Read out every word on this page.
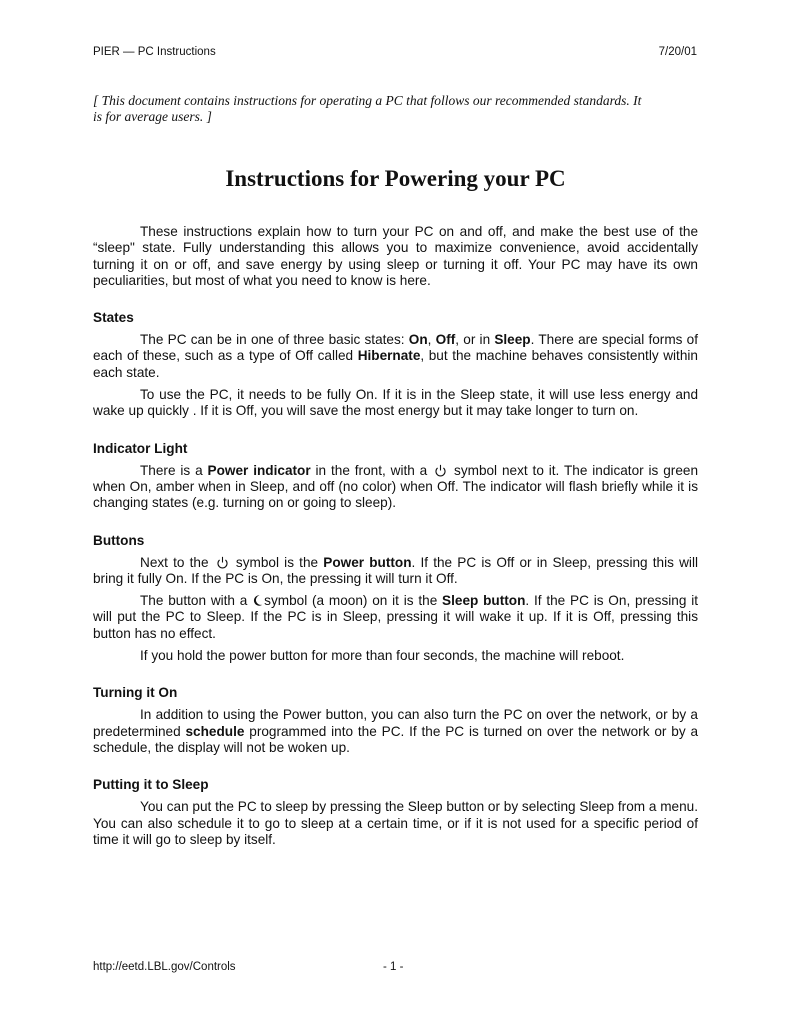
PIER — PC Instructions	7/20/01
[ This document contains instructions for operating a PC that follows our recommended standards. It is for average users. ]
Instructions for Powering your PC

These instructions explain how to turn your PC on and off, and make the best use of the “sleep" state. Fully understanding this allows you to maximize convenience, avoid accidentally turning it on or off, and save energy by using sleep or turning it off. Your PC may have its own peculiarities, but most of what you need to know is here.

States

The PC can be in one of three basic states: On, Off, or in Sleep. There are special forms of each of these, such as a type of Off called Hibernate, but the machine behaves consistently within each state.

To use the PC, it needs to be fully On. If it is in the Sleep state, it will use less energy and wake up quickly . If it is Off, you will save the most energy but it may take longer to turn on.

Indicator Light

There is a Power indicator in the front, with a  symbol next to it. The indicator is green when On, amber when in Sleep, and off (no color) when Off. The indicator will flash briefly while it is changing states (e.g. turning on or going to sleep).

Buttons

Next to the  symbol is the Power button. If the PC is Off or in Sleep, pressing this will bring it fully On. If the PC is On, the pressing it will turn it Off.

The button with a symbol (a moon) on it is the Sleep button. If the PC is On, pressing it will put the PC to Sleep. If the PC is in Sleep, pressing it will wake it up. If it is Off, pressing this button has no effect.

If you hold the power button for more than four seconds, the machine will reboot.

Turning it On

In addition to using the Power button, you can also turn the PC on over the network, or by a predetermined schedule programmed into the PC. If the PC is turned on over the network or by a schedule, the display will not be woken up.

Putting it to Sleep

You can put the PC to sleep by pressing the Sleep button or by selecting Sleep from a menu. You can also schedule it to go to sleep at a certain time, or if it is not used for a specific period of time it will go to sleep by itself.

http://eetd.LBL.gov/Controls	- 1 -
